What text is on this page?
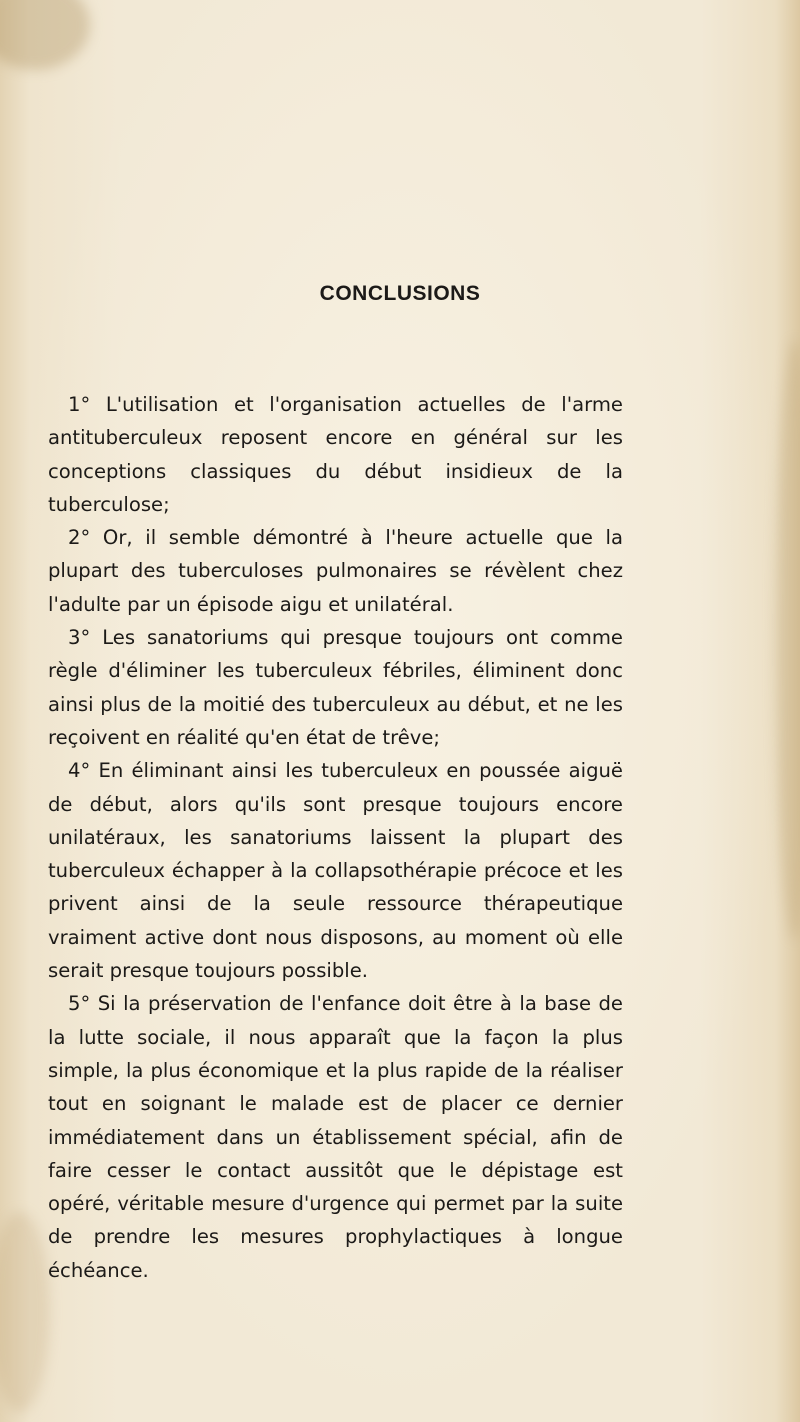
CONCLUSIONS

1° L'utilisation et l'organisation actuelles de l'arme antituberculeux reposent encore en général sur les conceptions classiques du début insidieux de la tuberculose;

2° Or, il semble démontré à l'heure actuelle que la plupart des tuberculoses pulmonaires se révèlent chez l'adulte par un épisode aigu et unilatéral.

3° Les sanatoriums qui presque toujours ont comme règle d'éliminer les tuberculeux fébriles, éliminent donc ainsi plus de la moitié des tuberculeux au début, et ne les reçoivent en réalité qu'en état de trêve;

4° En éliminant ainsi les tuberculeux en poussée aiguë de début, alors qu'ils sont presque toujours encore unilatéraux, les sanatoriums laissent la plupart des tuberculeux échapper à la collapsothérapie précoce et les privent ainsi de la seule ressource thérapeutique vraiment active dont nous disposons, au moment où elle serait presque toujours possible.

5° Si la préservation de l'enfance doit être à la base de la lutte sociale, il nous apparaît que la façon la plus simple, la plus économique et la plus rapide de la réaliser tout en soignant le malade est de placer ce dernier immédiatement dans un établissement spécial, afin de faire cesser le contact aussitôt que le dépistage est opéré, véritable mesure d'urgence qui permet par la suite de prendre les mesures prophylactiques à longue échéance.
